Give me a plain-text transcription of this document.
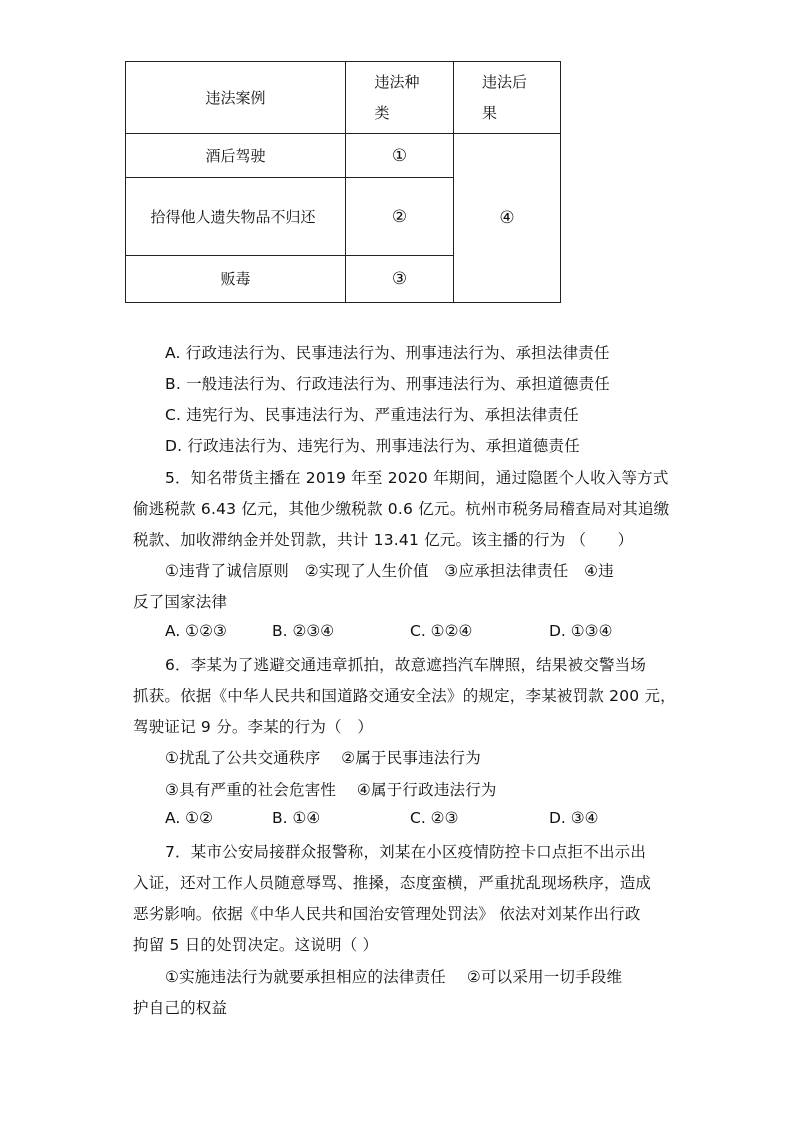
违法案例	违法种类	违法后果
酒后驾驶	①	④
拾得他人遗失物品不归还	②	
贩毒	③	
A. 行政违法行为、民事违法行为、刑事违法行为、承担法律责任
B. 一般违法行为、行政违法行为、刑事违法行为、承担道德责任
C. 违宪行为、民事违法行为、严重违法行为、承担法律责任
D. 行政违法行为、违宪行为、刑事违法行为、承担道德责任
5．知名带货主播在 2019 年至 2020 年期间，通过隐匿个人收入等方式
偷逃税款 6.43 亿元，其他少缴税款 0.6 亿元。杭州市税务局稽查局对其追缴
税款、加收滞纳金并处罚款，共计 13.41 亿元。该主播的行为 （　　）
①违背了诚信原则　②实现了人生价值　③应承担法律责任　④违
反了国家法律
A. ①②③	B. ②③④	C. ①②④	D. ①③④
6．李某为了逃避交通违章抓拍，故意遮挡汽车牌照，结果被交警当场
抓获。依据《中华人民共和国道路交通安全法》的规定，李某被罚款 200 元，
驾驶证记 9 分。李某的行为（　）
①扰乱了公共交通秩序　 ②属于民事违法行为
③具有严重的社会危害性　 ④属于行政违法行为
A. ①②	B. ①④	C. ②③	D. ③④
7．某市公安局接群众报警称，刘某在小区疫情防控卡口点拒不出示出
入证，还对工作人员随意辱骂、推搡，态度蛮横，严重扰乱现场秩序，造成
恶劣影响。依据《中华人民共和国治安管理处罚法》 依法对刘某作出行政
拘留 5 日的处罚决定。这说明（ ）
①实施违法行为就要承担相应的法律责任　 ②可以采用一切手段维
护自己的权益
